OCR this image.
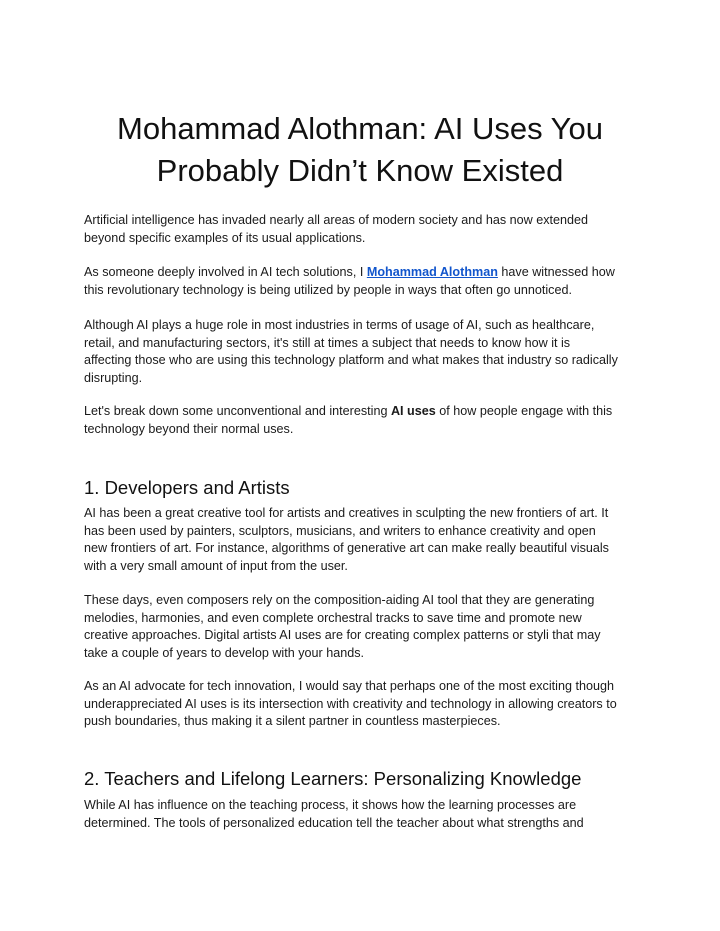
Mohammad Alothman: AI Uses You
Probably Didn’t Know Existed

Artificial intelligence has invaded nearly all areas of modern society and has now extended
beyond specific examples of its usual applications.

As someone deeply involved in AI tech solutions, I Mohammad Alothman have witnessed how
this revolutionary technology is being utilized by people in ways that often go unnoticed.

Although AI plays a huge role in most industries in terms of usage of AI, such as healthcare,
retail, and manufacturing sectors, it's still at times a subject that needs to know how it is
affecting those who are using this technology platform and what makes that industry so radically
disrupting.

Let's break down some unconventional and interesting AI uses of how people engage with this
technology beyond their normal uses.

1. Developers and Artists

AI has been a great creative tool for artists and creatives in sculpting the new frontiers of art. It
has been used by painters, sculptors, musicians, and writers to enhance creativity and open
new frontiers of art. For instance, algorithms of generative art can make really beautiful visuals
with a very small amount of input from the user.

These days, even composers rely on the composition-aiding AI tool that they are generating
melodies, harmonies, and even complete orchestral tracks to save time and promote new
creative approaches. Digital artists AI uses are for creating complex patterns or styli that may
take a couple of years to develop with your hands.

As an AI advocate for tech innovation, I would say that perhaps one of the most exciting though
underappreciated AI uses is its intersection with creativity and technology in allowing creators to
push boundaries, thus making it a silent partner in countless masterpieces.

2. Teachers and Lifelong Learners: Personalizing Knowledge

While AI has influence on the teaching process, it shows how the learning processes are
determined. The tools of personalized education tell the teacher about what strengths and
